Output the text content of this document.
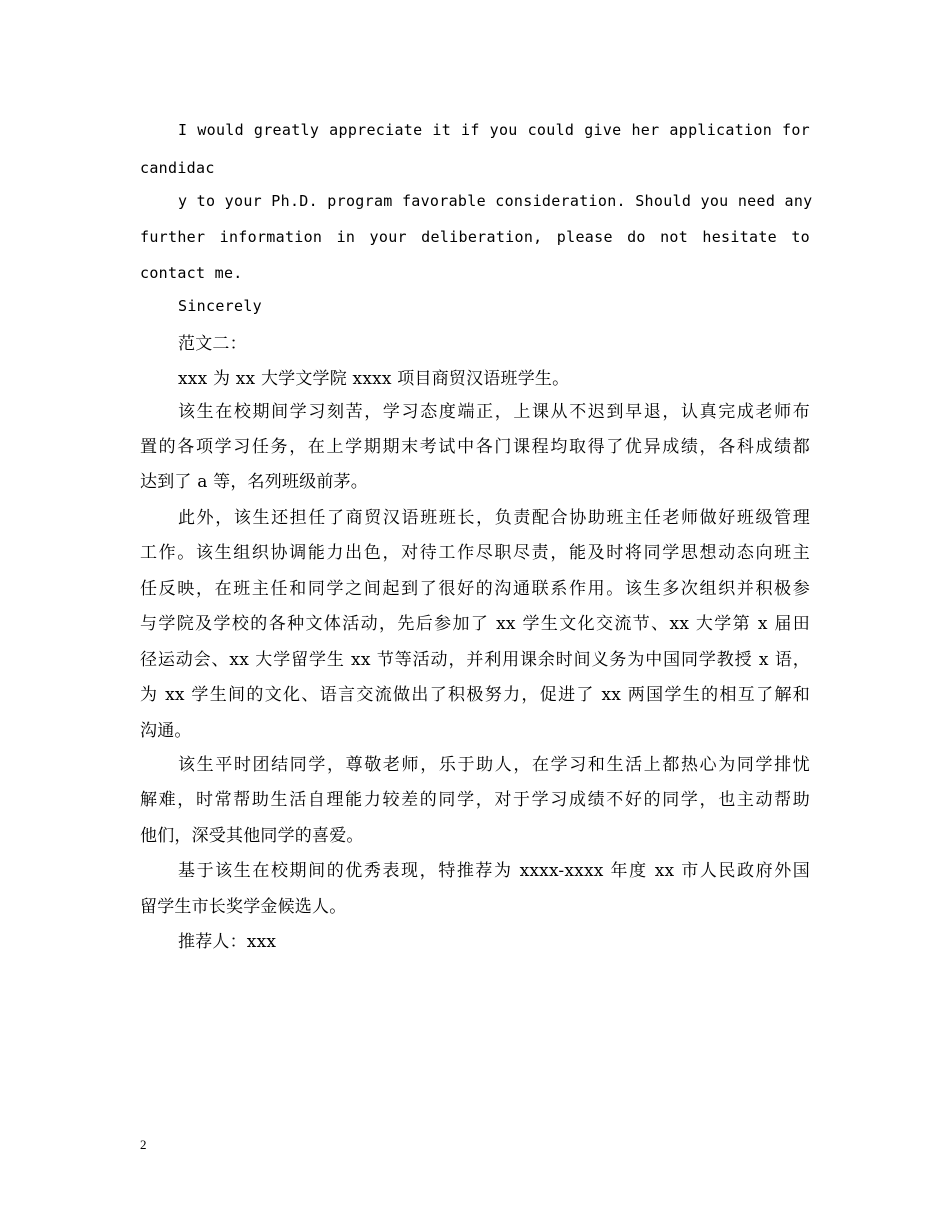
I would greatly appreciate it if you could give her application for
candidac
y to your Ph.D. program favorable consideration. Should you need any
further information in your deliberation, please do not hesitate to
contact me.
Sincerely
范文二：
xxx 为 xx 大学文学院 xxxx 项目商贸汉语班学生。
该生在校期间学习刻苦，学习态度端正，上课从不迟到早退，认真完成老师布
置的各项学习任务，在上学期期末考试中各门课程均取得了优异成绩，各科成绩都
达到了 a 等，名列班级前茅。
此外，该生还担任了商贸汉语班班长，负责配合协助班主任老师做好班级管理
工作。该生组织协调能力出色，对待工作尽职尽责，能及时将同学思想动态向班主
任反映，在班主任和同学之间起到了很好的沟通联系作用。该生多次组织并积极参
与学院及学校的各种文体活动，先后参加了 xx 学生文化交流节、xx 大学第 x 届田
径运动会、xx 大学留学生 xx 节等活动，并利用课余时间义务为中国同学教授 x 语，
为 xx 学生间的文化、语言交流做出了积极努力，促进了 xx 两国学生的相互了解和
沟通。
该生平时团结同学，尊敬老师，乐于助人，在学习和生活上都热心为同学排忧
解难，时常帮助生活自理能力较差的同学，对于学习成绩不好的同学，也主动帮助
他们，深受其他同学的喜爱。
基于该生在校期间的优秀表现，特推荐为 xxxx-xxxx 年度 xx 市人民政府外国
留学生市长奖学金候选人。
推荐人：xxx
2
